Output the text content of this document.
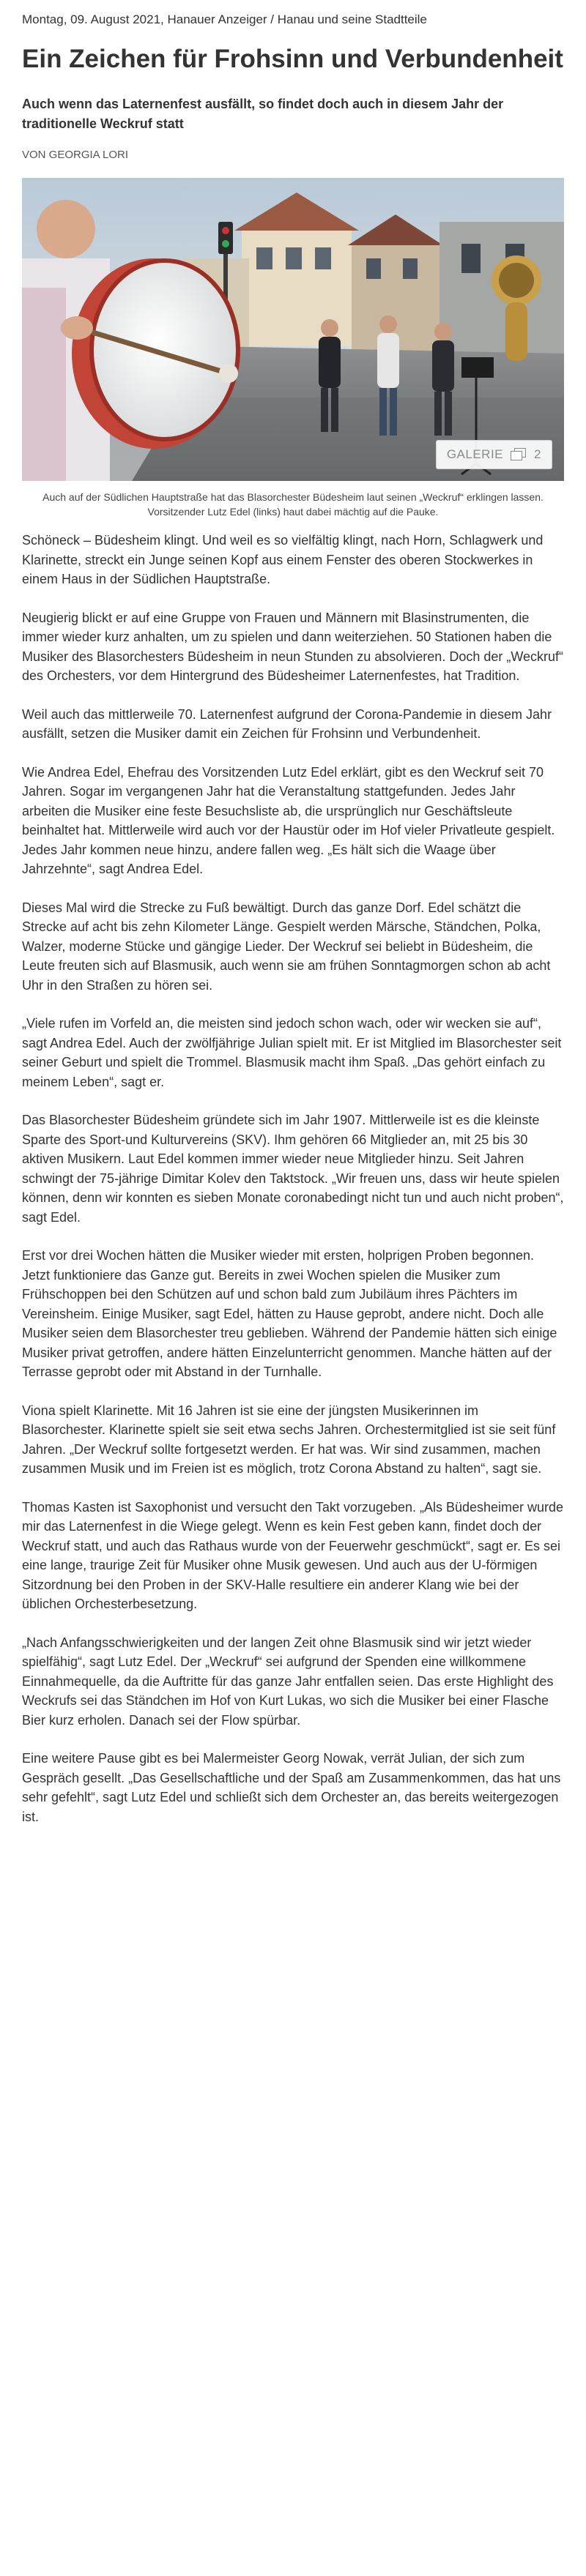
Montag, 09. August 2021, Hanauer Anzeiger / Hanau und seine Stadtteile
Ein Zeichen für Frohsinn und Verbundenheit
Auch wenn das Laternenfest ausfällt, so findet doch auch in diesem Jahr der traditionelle Weckruf statt
VON GEORGIA LORI
GALERIE 2
Auch auf der Südlichen Hauptstraße hat das Blasorchester Büdesheim laut seinen „Weckruf“ erklingen lassen. Vorsitzender Lutz Edel (links) haut dabei mächtig auf die Pauke.

Schöneck – Büdesheim klingt. Und weil es so vielfältig klingt, nach Horn, Schlagwerk und Klarinette, streckt ein Junge seinen Kopf aus einem Fenster des oberen Stockwerkes in einem Haus in der Südlichen Hauptstraße.

Neugierig blickt er auf eine Gruppe von Frauen und Männern mit Blasinstrumenten, die immer wieder kurz anhalten, um zu spielen und dann weiterziehen. 50 Stationen haben die Musiker des Blasorchesters Büdesheim in neun Stunden zu absolvieren. Doch der „Weckruf“ des Orchesters, vor dem Hintergrund des Büdesheimer Laternenfestes, hat Tradition.

Weil auch das mittlerweile 70. Laternenfest aufgrund der Corona-Pandemie in diesem Jahr ausfällt, setzen die Musiker damit ein Zeichen für Frohsinn und Verbundenheit.

Wie Andrea Edel, Ehefrau des Vorsitzenden Lutz Edel erklärt, gibt es den Weckruf seit 70 Jahren. Sogar im vergangenen Jahr hat die Veranstaltung stattgefunden. Jedes Jahr arbeiten die Musiker eine feste Besuchsliste ab, die ursprünglich nur Geschäftsleute beinhaltet hat. Mittlerweile wird auch vor der Haustür oder im Hof vieler Privatleute gespielt. Jedes Jahr kommen neue hinzu, andere fallen weg. „Es hält sich die Waage über Jahrzehnte“, sagt Andrea Edel.

Dieses Mal wird die Strecke zu Fuß bewältigt. Durch das ganze Dorf. Edel schätzt die Strecke auf acht bis zehn Kilometer Länge. Gespielt werden Märsche, Ständchen, Polka, Walzer, moderne Stücke und gängige Lieder. Der Weckruf sei beliebt in Büdesheim, die Leute freuten sich auf Blasmusik, auch wenn sie am frühen Sonntagmorgen schon ab acht Uhr in den Straßen zu hören sei.

„Viele rufen im Vorfeld an, die meisten sind jedoch schon wach, oder wir wecken sie auf“, sagt Andrea Edel. Auch der zwölfjährige Julian spielt mit. Er ist Mitglied im Blasorchester seit seiner Geburt und spielt die Trommel. Blasmusik macht ihm Spaß. „Das gehört einfach zu meinem Leben“, sagt er.

Das Blasorchester Büdesheim gründete sich im Jahr 1907. Mittlerweile ist es die kleinste Sparte des Sport-und Kulturvereins (SKV). Ihm gehören 66 Mitglieder an, mit 25 bis 30 aktiven Musikern. Laut Edel kommen immer wieder neue Mitglieder hinzu. Seit Jahren schwingt der 75-jährige Dimitar Kolev den Taktstock. „Wir freuen uns, dass wir heute spielen können, denn wir konnten es sieben Monate coronabedingt nicht tun und auch nicht proben“, sagt Edel.

Erst vor drei Wochen hätten die Musiker wieder mit ersten, holprigen Proben begonnen. Jetzt funktioniere das Ganze gut. Bereits in zwei Wochen spielen die Musiker zum Frühschoppen bei den Schützen auf und schon bald zum Jubiläum ihres Pächters im Vereinsheim. Einige Musiker, sagt Edel, hätten zu Hause geprobt, andere nicht. Doch alle Musiker seien dem Blasorchester treu geblieben. Während der Pandemie hätten sich einige Musiker privat getroffen, andere hätten Einzelunterricht genommen. Manche hätten auf der Terrasse geprobt oder mit Abstand in der Turnhalle.

Viona spielt Klarinette. Mit 16 Jahren ist sie eine der jüngsten Musikerinnen im Blasorchester. Klarinette spielt sie seit etwa sechs Jahren. Orchestermitglied ist sie seit fünf Jahren. „Der Weckruf sollte fortgesetzt werden. Er hat was. Wir sind zusammen, machen zusammen Musik und im Freien ist es möglich, trotz Corona Abstand zu halten“, sagt sie.

Thomas Kasten ist Saxophonist und versucht den Takt vorzugeben. „Als Büdesheimer wurde mir das Laternenfest in die Wiege gelegt. Wenn es kein Fest geben kann, findet doch der Weckruf statt, und auch das Rathaus wurde von der Feuerwehr geschmückt“, sagt er. Es sei eine lange, traurige Zeit für Musiker ohne Musik gewesen. Und auch aus der U-förmigen Sitzordnung bei den Proben in der SKV-Halle resultiere ein anderer Klang wie bei der üblichen Orchesterbesetzung.

„Nach Anfangsschwierigkeiten und der langen Zeit ohne Blasmusik sind wir jetzt wieder spielfähig“, sagt Lutz Edel. Der „Weckruf“ sei aufgrund der Spenden eine willkommene Einnahmequelle, da die Auftritte für das ganze Jahr entfallen seien. Das erste Highlight des Weckrufs sei das Ständchen im Hof von Kurt Lukas, wo sich die Musiker bei einer Flasche Bier kurz erholen. Danach sei der Flow spürbar.

Eine weitere Pause gibt es bei Malermeister Georg Nowak, verrät Julian, der sich zum Gespräch gesellt. „Das Gesellschaftliche und der Spaß am Zusammenkommen, das hat uns sehr gefehlt“, sagt Lutz Edel und schließt sich dem Orchester an, das bereits weitergezogen ist.
